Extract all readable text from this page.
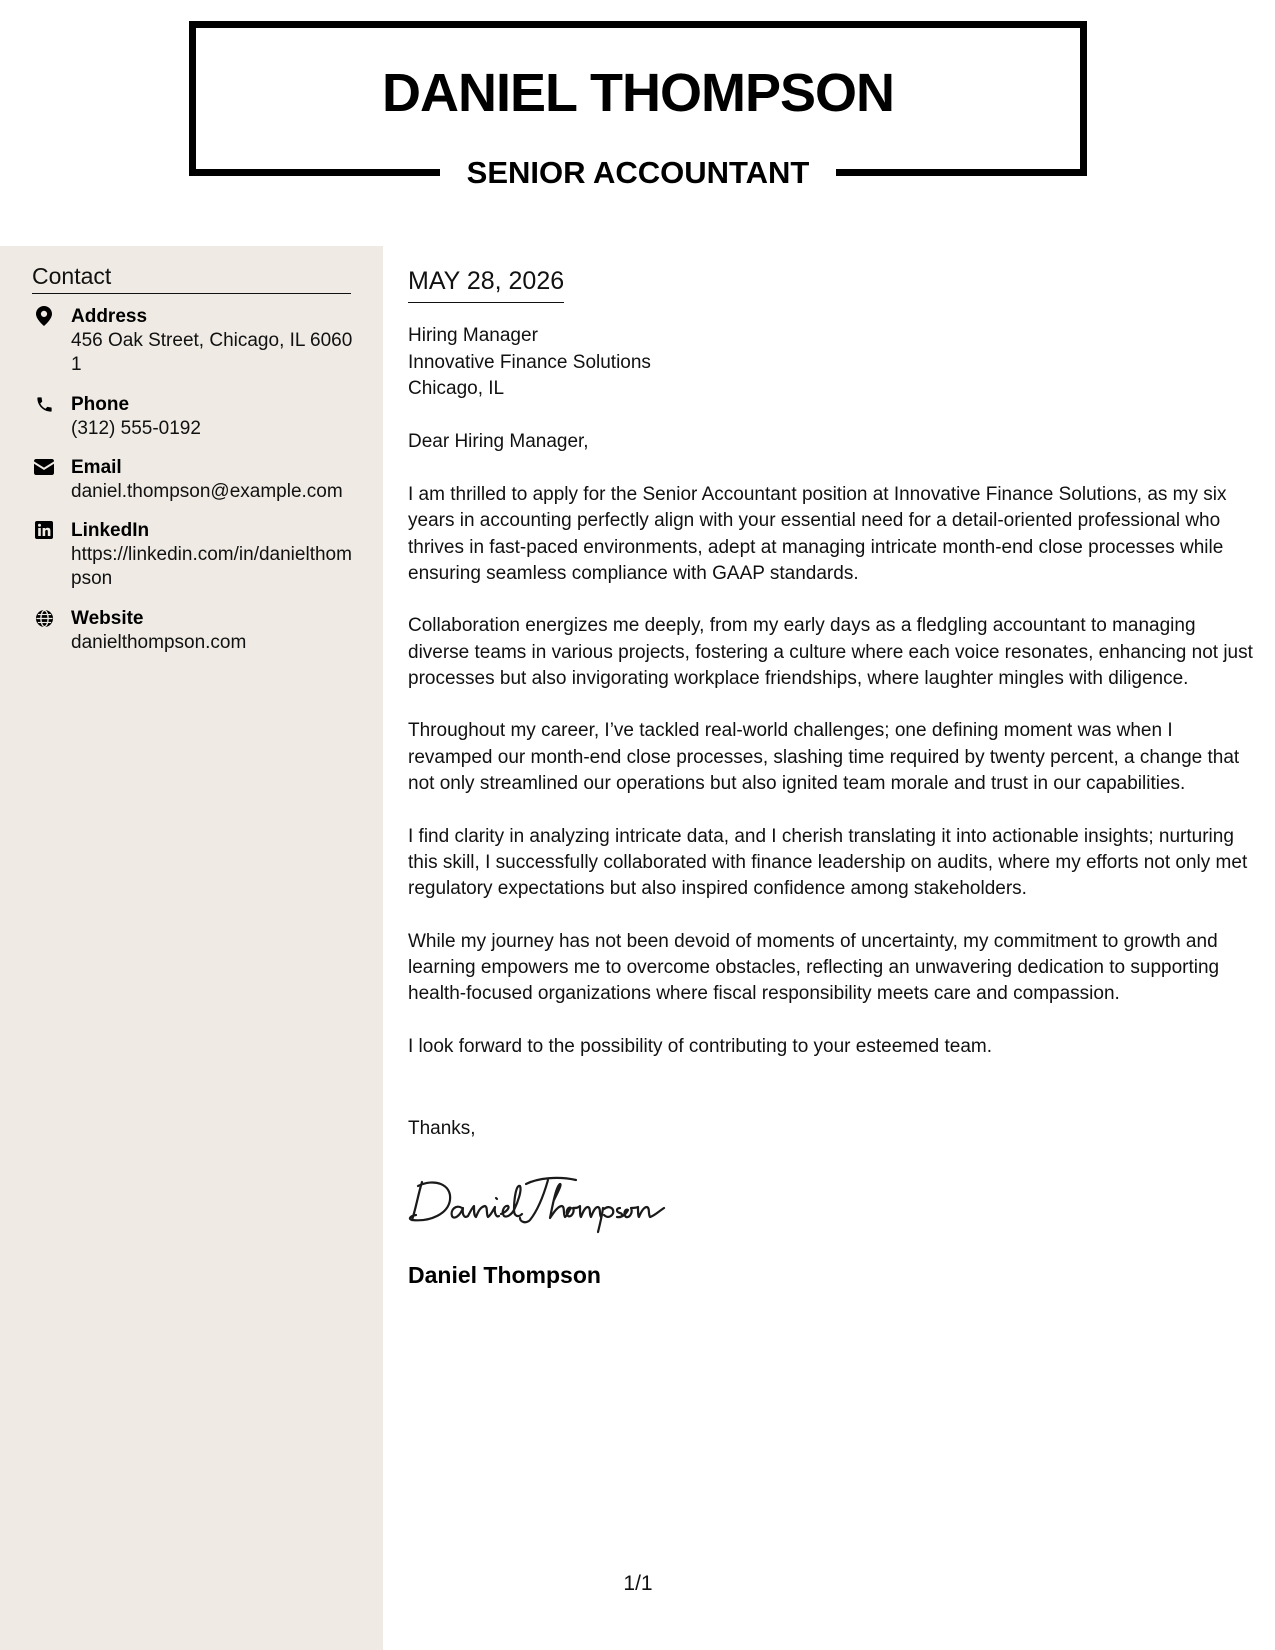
DANIEL THOMPSON
SENIOR ACCOUNTANT
Contact
Address
456 Oak Street, Chicago, IL 60601
Phone
(312) 555-0192
Email
daniel.thompson@example.com
LinkedIn
https://linkedin.com/in/danielthompson
Website
danielthompson.com
MAY 28, 2026
Hiring Manager
Innovative Finance Solutions
Chicago, IL

Dear Hiring Manager,

I am thrilled to apply for the Senior Accountant position at Innovative Finance Solutions, as my six years in accounting perfectly align with your essential need for a detail-oriented professional who thrives in fast-paced environments, adept at managing intricate month-end close processes while ensuring seamless compliance with GAAP standards.

Collaboration energizes me deeply, from my early days as a fledgling accountant to managing diverse teams in various projects, fostering a culture where each voice resonates, enhancing not just processes but also invigorating workplace friendships, where laughter mingles with diligence.

Throughout my career, I’ve tackled real-world challenges; one defining moment was when I revamped our month-end close processes, slashing time required by twenty percent, a change that not only streamlined our operations but also ignited team morale and trust in our capabilities.

I find clarity in analyzing intricate data, and I cherish translating it into actionable insights; nurturing this skill, I successfully collaborated with finance leadership on audits, where my efforts not only met regulatory expectations but also inspired confidence among stakeholders.

While my journey has not been devoid of moments of uncertainty, my commitment to growth and learning empowers me to overcome obstacles, reflecting an unwavering dedication to supporting health-focused organizations where fiscal responsibility meets care and compassion.

I look forward to the possibility of contributing to your esteemed team.

Thanks,

Daniel Thompson

1/1
